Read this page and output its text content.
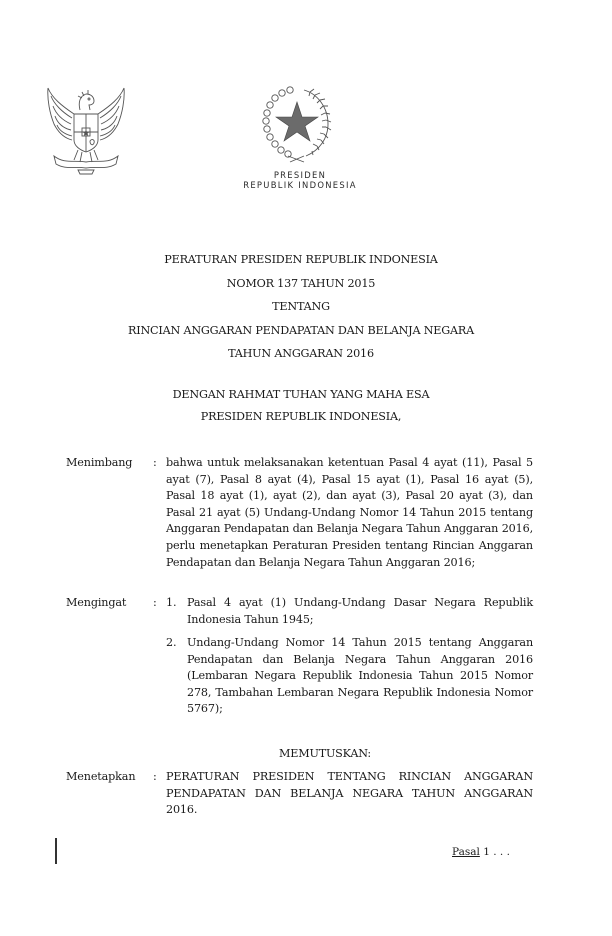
PRESIDEN
REPUBLIK INDONESIA
PERATURAN PRESIDEN REPUBLIK INDONESIA
NOMOR 137 TAHUN 2015
TENTANG
RINCIAN ANGGARAN PENDAPATAN DAN BELANJA NEGARA
TAHUN ANGGARAN 2016
DENGAN RAHMAT TUHAN YANG MAHA ESA
PRESIDEN REPUBLIK INDONESIA,
Menimbang : bahwa untuk melaksanakan ketentuan Pasal 4 ayat (11), Pasal 5 ayat (7), Pasal 8 ayat (4), Pasal 15 ayat (1), Pasal 16 ayat (5), Pasal 18 ayat (1), ayat (2), dan ayat (3), Pasal 20 ayat (3), dan Pasal 21 ayat (5) Undang-Undang Nomor 14 Tahun 2015 tentang Anggaran Pendapatan dan Belanja Negara Tahun Anggaran 2016, perlu menetapkan Peraturan Presiden tentang Rincian Anggaran Pendapatan dan Belanja Negara Tahun Anggaran 2016;
Mengingat : 1. Pasal 4 ayat (1) Undang-Undang Dasar Negara Republik Indonesia Tahun 1945;
2. Undang-Undang Nomor 14 Tahun 2015 tentang Anggaran Pendapatan dan Belanja Negara Tahun Anggaran 2016 (Lembaran Negara Republik Indonesia Tahun 2015 Nomor 278, Tambahan Lembaran Negara Republik Indonesia Nomor 5767);
MEMUTUSKAN:
Menetapkan : PERATURAN PRESIDEN TENTANG RINCIAN ANGGARAN PENDAPATAN DAN BELANJA NEGARA TAHUN ANGGARAN 2016.
Pasal 1 . . .
